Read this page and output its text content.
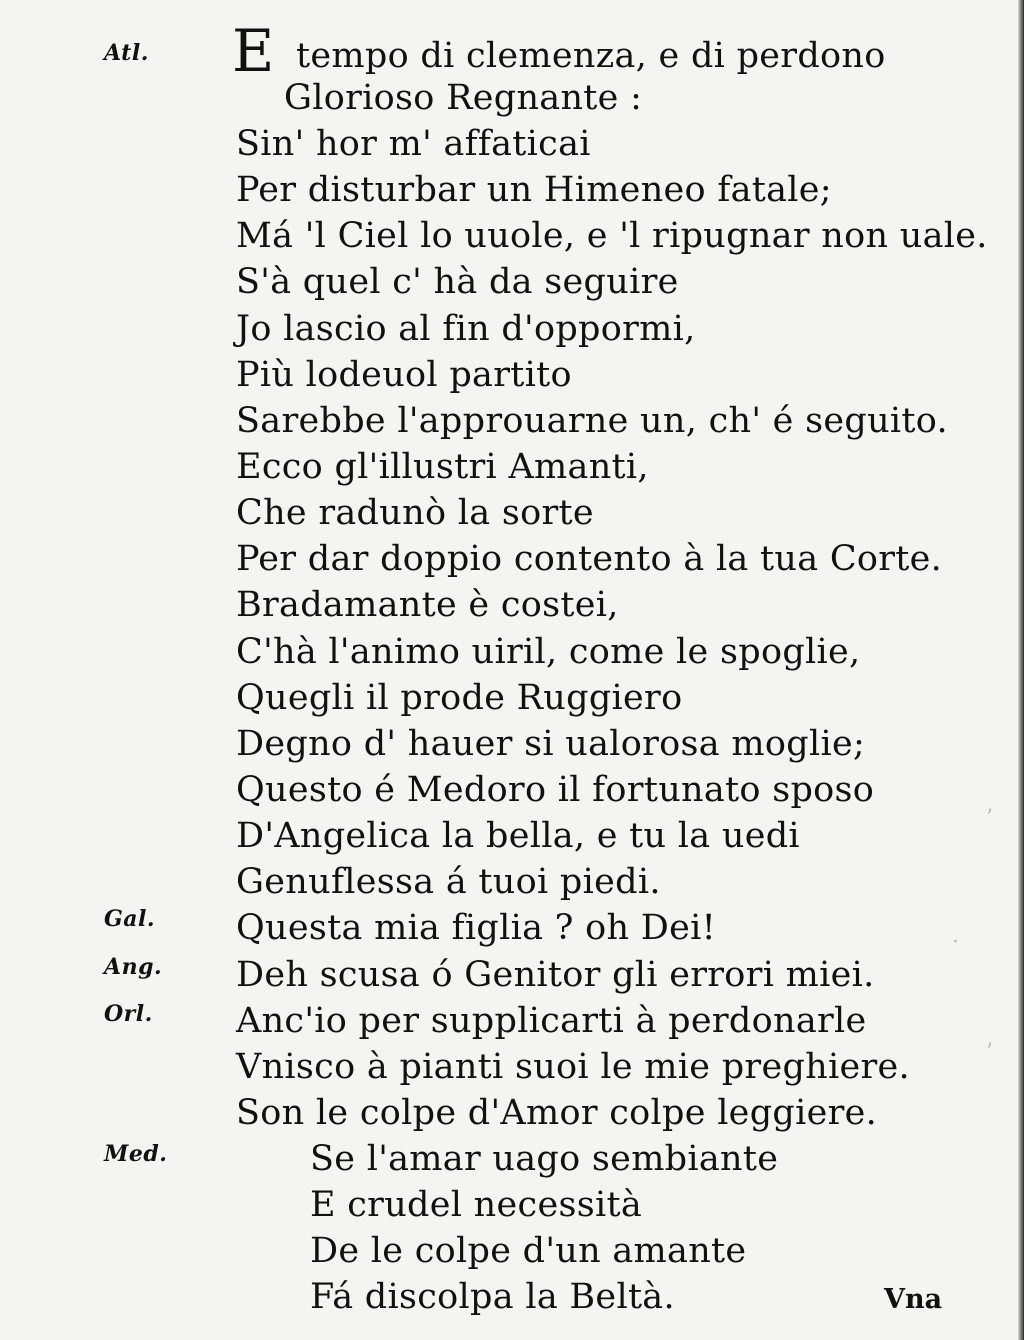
Atl.
Gal.
Ang.
Orl.
Med.
E tempo di clemenza, e di perdono
Glorioso Regnante :
Sin' hor m' affaticai
Per disturbar un Himeneo fatale;
Má 'l Ciel lo uuole, e 'l ripugnar non uale.
S'à quel c' hà da seguire
Jo lascio al fin d'oppormi,
Più lodeuol partito
Sarebbe l'approuarne un, ch' é seguito.
Ecco gl'illustri Amanti,
Che radunò la sorte
Per dar doppio contento à la tua Corte.
Bradamante è costei,
C'hà l'animo uiril, come le spoglie,
Quegli il prode Ruggiero
Degno d' hauer si ualorosa moglie;
Questo é Medoro il fortunato sposo
D'Angelica la bella, e tu la uedi
Genuflessa á tuoi piedi.
Questa mia figlia ? oh Dei!
Deh scusa ó Genitor gli errori miei.
Anc'io per supplicarti à perdonarle
Vnisco à pianti suoi le mie preghiere.
Son le colpe d'Amor colpe leggiere.
Se l'amar uago sembiante
E crudel necessità
De le colpe d'un amante
Fá discolpa la Beltà.	Vna
’
·
’
